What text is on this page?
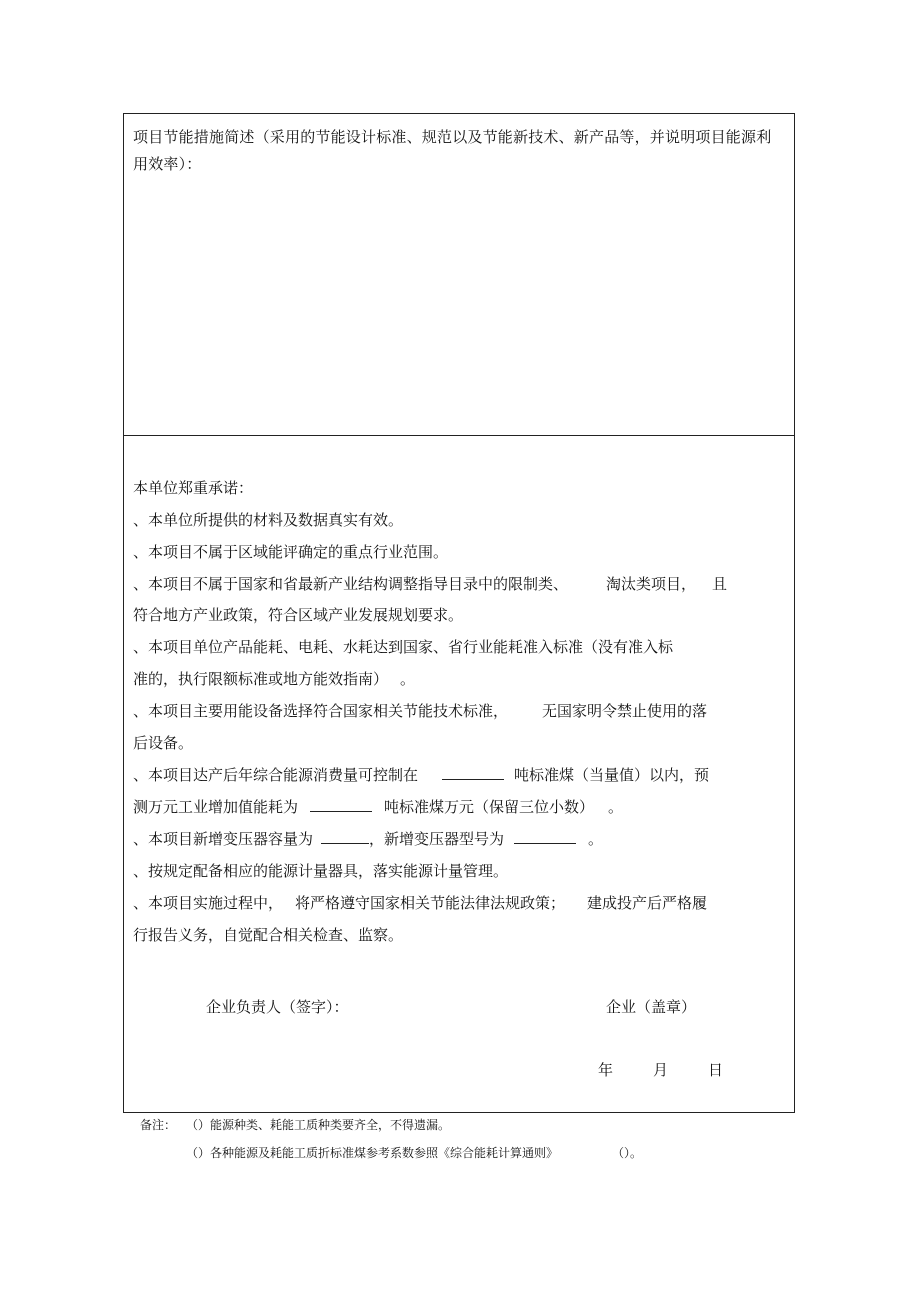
项目节能措施简述（采用的节能设计标准、规范以及节能新技术、新产品等，并说明项目能源利用效率）：
本单位郑重承诺：
、本单位所提供的材料及数据真实有效。
、本项目不属于区域能评确定的重点行业范围。
、本项目不属于国家和省最新产业结构调整指导目录中的限制类、	淘汰类项目， 且
符合地方产业政策，符合区域产业发展规划要求。
、本项目单位产品能耗、电耗、水耗达到国家、省行业能耗准入标准（没有准入标
准的，执行限额标准或地方能效指南） 。
、本项目主要用能设备选择符合国家相关节能技术标准， 无国家明令禁止使用的落
后设备。
、本项目达产后年综合能源消费量可控制在	吨标准煤（当量值）以内，预
测万元工业增加值能耗为	吨标准煤万元（保留三位小数） 。
、本项目新增变压器容量为	，新增变压器型号为	。
、按规定配备相应的能源计量器具，落实能源计量管理。
、本项目实施过程中， 将严格遵守国家相关节能法律法规政策； 建成投产后严格履
行报告义务，自觉配合相关检查、监察。
企业负责人（签字）：	企业（盖章）
年	月	日
备注： （）能源种类、耗能工质种类要齐全，不得遗漏。
（）各种能源及耗能工质折标准煤参考系数参照《综合能耗计算通则》	（）。
